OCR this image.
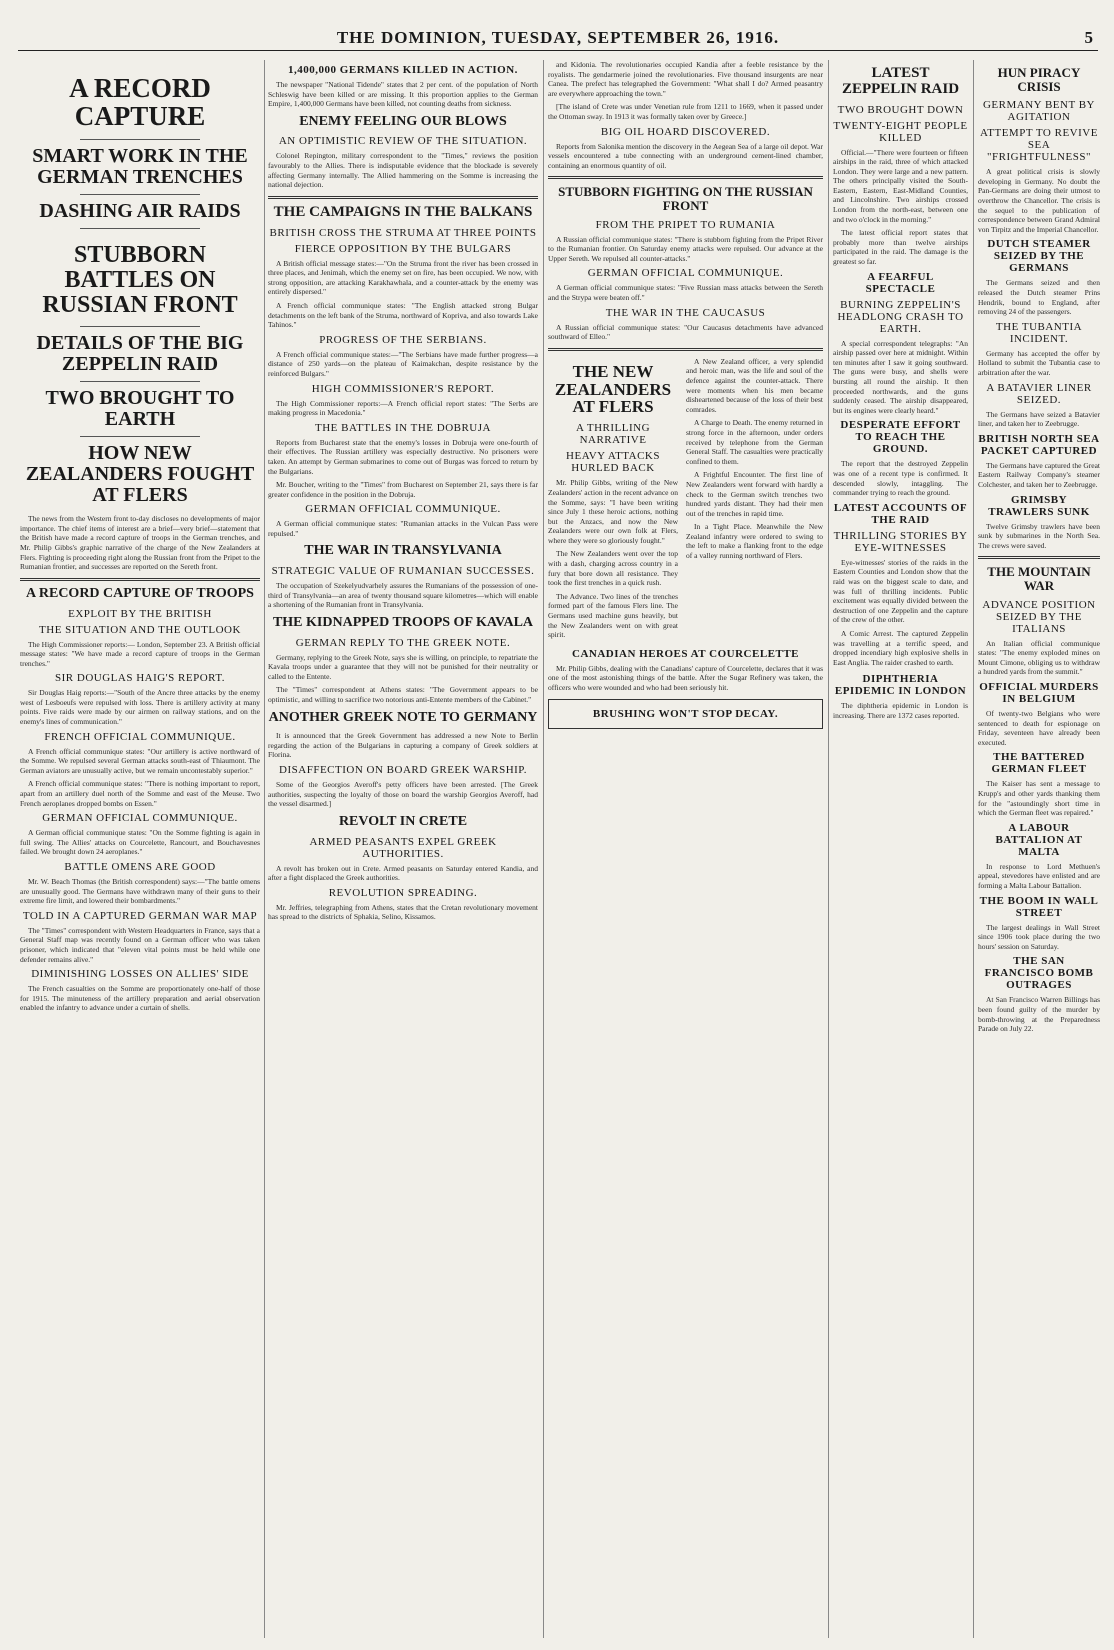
THE DOMINION, TUESDAY, SEPTEMBER 26, 1916.	5
A RECORD CAPTURE
SMART WORK IN THE GERMAN TRENCHES
DASHING AIR RAIDS
STUBBORN BATTLES ON RUSSIAN FRONT
DETAILS OF THE BIG ZEPPELIN RAID
TWO BROUGHT TO EARTH
HOW NEW ZEALANDERS FOUGHT AT FLERS

The news from the Western front to-day discloses no developments of major importance. The chief items of interest are a brief—very brief—statement that the British have made a record capture of troops in the German trenches, and Mr. Philip Gibbs's graphic narrative of the charge of the New Zealanders at Flers. Fighting is proceeding right along the Russian front from the Pripet to the Rumanian frontier, and successes are reported on the Sereth front.

A RECORD CAPTURE OF TROOPS
EXPLOIT BY THE BRITISH
THE SITUATION AND THE OUTLOOK

The High Commissioner reports:— London, September 23. A British official message states: "We have made a record capture of troops in the German trenches."

SIR DOUGLAS HAIG'S REPORT.

Sir Douglas Haig reports:—"South of the Ancre three attacks by the enemy west of Lesboeufs were repulsed with loss. There is artillery activity at many points. Five raids were made by our airmen on railway stations, and on the enemy's lines of communication."

FRENCH OFFICIAL COMMUNIQUE.

A French official communique states: "Our artillery is active northward of the Somme. We repulsed several German attacks south-east of Thiaumont. The German aviators are unusually active, but we remain uncontestably superior."

A French official communique states: "There is nothing important to report, apart from an artillery duel north of the Somme and east of the Meuse. Two French aeroplanes dropped bombs on Essen."

GERMAN OFFICIAL COMMUNIQUE.

A German official communique states: "On the Somme fighting is again in full swing. The Allies' attacks on Courcelette, Rancourt, and Bouchavesnes failed. We brought down 24 aeroplanes."

BATTLE OMENS ARE GOOD

Mr. W. Beach Thomas (the British correspondent) says:—"The battle omens are unusually good. The Germans have withdrawn many of their guns to their extreme fire limit, and lowered their bombardments."

TOLD IN A CAPTURED GERMAN WAR MAP

The "Times" correspondent with Western Headquarters in France, says that a General Staff map was recently found on a German officer who was taken prisoner, which indicated that "eleven vital points must be held while one defender remains alive."

DIMINISHING LOSSES ON ALLIES' SIDE

The French casualties on the Somme are proportionately one-half of those for 1915. The minuteness of the artillery preparation and aerial observation enabled the infantry to advance under a curtain of shells.

1,400,000 GERMANS KILLED IN ACTION.

The newspaper "National Tidende" states that 2 per cent. of the population of North Schleswig have been killed or are missing. It this proportion applies to the German Empire, 1,400,000 Germans have been killed, not counting deaths from sickness.

ENEMY FEELING OUR BLOWS
AN OPTIMISTIC REVIEW OF THE SITUATION.

Colonel Repington, military correspondent to the "Times," reviews the position favourably to the Allies. There is indisputable evidence that the blockade is severely affecting Germany internally. The Allied hammering on the Somme is increasing the national dejection.

THE CAMPAIGNS IN THE BALKANS
BRITISH CROSS THE STRUMA AT THREE POINTS
FIERCE OPPOSITION BY THE BULGARS

A British official message states:—"On the Struma front the river has been crossed in three places, and Jenimah, which the enemy set on fire, has been occupied. We now, with strong opposition, are attacking Karakhawhala, and a counter-attack by the enemy was entirely dispersed."

A French official communique states: "The English attacked strong Bulgar detachments on the left bank of the Struma, northward of Kopriva, and also towards Lake Tahinos."

PROGRESS OF THE SERBIANS.

A French official communique states:—"The Serbians have made further progress—a distance of 250 yards—on the plateau of Kaimakchan, despite resistance by the reinforced Bulgars."

HIGH COMMISSIONER'S REPORT.

The High Commissioner reports:—A French official report states: "The Serbs are making progress in Macedonia."

THE BATTLES IN THE DOBRUJA

Reports from Bucharest state that the enemy's losses in Dobruja were one-fourth of their effectives. The Russian artillery was especially destructive. No prisoners were taken. An attempt by German submarines to come out of Burgas was forced to return by the Bulgarians.

Mr. Boucher, writing to the "Times" from Bucharest on September 21, says there is far greater confidence in the position in the Dobruja.

GERMAN OFFICIAL COMMUNIQUE.

A German official communique states: "Rumanian attacks in the Vulcan Pass were repulsed."

THE WAR IN TRANSYLVANIA
STRATEGIC VALUE OF RUMANIAN SUCCESSES.

The occupation of Szekelyudvarhely assures the Rumanians of the possession of one-third of Transylvania—an area of twenty thousand square kilometres—which will enable a shortening of the Rumanian front in Transylvania.

THE KIDNAPPED TROOPS OF KAVALA
GERMAN REPLY TO THE GREEK NOTE.

Germany, replying to the Greek Note, says she is willing, on principle, to repatriate the Kavala troops under a guarantee that they will not be punished for their neutrality or called to the Entente.

The "Times" correspondent at Athens states: "The Government appears to be optimistic, and willing to sacrifice two notorious anti-Entente members of the Cabinet."

ANOTHER GREEK NOTE TO GERMANY

It is announced that the Greek Government has addressed a new Note to Berlin regarding the action of the Bulgarians in capturing a company of Greek soldiers at Florina.

DISAFFECTION ON BOARD GREEK WARSHIP.

Some of the Georgios Averoff's petty officers have been arrested. [The Greek authorities, suspecting the loyalty of those on board the warship Georgios Averoff, had the vessel disarmed.]

REVOLT IN CRETE
ARMED PEASANTS EXPEL GREEK AUTHORITIES.

A revolt has broken out in Crete. Armed peasants on Saturday entered Kandia, and after a fight displaced the Greek authorities.

REVOLUTION SPREADING.

Mr. Jeffries, telegraphing from Athens, states that the Cretan revolutionary movement has spread to the districts of Sphakia, Selino, Kissamos.

and Kidonia. The revolutionaries occupied Kandia after a feeble resistance by the royalists. The gendarmerie joined the revolutionaries. Five thousand insurgents are near Canea. The prefect has telegraphed the Government: "What shall I do? Armed peasantry are everywhere approaching the town."

[The island of Crete was under Venetian rule from 1211 to 1669, when it passed under the Ottoman sway. In 1913 it was formally taken over by Greece.]

BIG OIL HOARD DISCOVERED.

Reports from Salonika mention the discovery in the Aegean Sea of a large oil depot. War vessels encountered a tube connecting with an underground cement-lined chamber, containing an enormous quantity of oil.

STUBBORN FIGHTING ON THE RUSSIAN FRONT
FROM THE PRIPET TO RUMANIA

A Russian official communique states: "There is stubborn fighting from the Pripet River to the Rumanian frontier. On Saturday enemy attacks were repulsed. Our advance at the Upper Sereth. We repulsed all counter-attacks."

GERMAN OFFICIAL COMMUNIQUE.

A German official communique states: "Five Russian mass attacks between the Sereth and the Strypa were beaten off."

THE WAR IN THE CAUCASUS

A Russian official communique states: "Our Caucasus detachments have advanced southward of Elleo."

THE NEW ZEALANDERS AT FLERS
A THRILLING NARRATIVE
HEAVY ATTACKS HURLED BACK

Mr. Philip Gibbs, writing of the New Zealanders' action in the recent advance on the Somme, says: "I have been writing since July 1 these heroic actions, nothing but the Anzacs, and now the New Zealanders were our own folk at Flers, where they were so gloriously fought."

The New Zealanders went over the top with a dash, charging across country in a fury that bore down all resistance. They took the first trenches in a quick rush.

The Advance. Two lines of the trenches formed part of the famous Flers line. The Germans used machine guns heavily, but the New Zealanders went on with great spirit.

A New Zealand officer, a very splendid and heroic man, was the life and soul of the defence against the counter-attack. There were moments when his men became disheartened because of the loss of their best comrades.

A Charge to Death. The enemy returned in strong force in the afternoon, under orders received by telephone from the German General Staff. The casualties were practically confined to them.

A Frightful Encounter. The first line of New Zealanders went forward with hardly a check to the German switch trenches two hundred yards distant. They had their men out of the trenches in rapid time.

In a Tight Place. Meanwhile the New Zealand infantry were ordered to swing to the left to make a flanking front to the edge of a valley running northward of Flers.

CANADIAN HEROES AT COURCELETTE

Mr. Philip Gibbs, dealing with the Canadians' capture of Courcelette, declares that it was one of the most astonishing things of the battle. After the Sugar Refinery was taken, the officers who were wounded and who had been seriously hit.

BRUSHING WON'T STOP DECAY.
LATEST ZEPPELIN RAID
TWO BROUGHT DOWN
TWENTY-EIGHT PEOPLE KILLED

Official.—"There were fourteen or fifteen airships in the raid, three of which attacked London. They were large and a new pattern. The others principally visited the South-Eastern, Eastern, East-Midland Counties, and Lincolnshire. Two airships crossed London from the north-east, between one and two o'clock in the morning."

The latest official report states that probably more than twelve airships participated in the raid. The damage is the greatest so far.

A FEARFUL SPECTACLE
BURNING ZEPPELIN'S HEADLONG CRASH TO EARTH.

A special correspondent telegraphs: "An airship passed over here at midnight. Within ten minutes after I saw it going southward. The guns were busy, and shells were bursting all round the airship. It then proceeded northwards, and the guns suddenly ceased. The airship disappeared, but its engines were clearly heard."

DESPERATE EFFORT TO REACH THE GROUND.

The report that the destroyed Zeppelin was one of a recent type is confirmed. It descended slowly, intaggling. The commander trying to reach the ground.

LATEST ACCOUNTS OF THE RAID
THRILLING STORIES BY EYE-WITNESSES

Eye-witnesses' stories of the raids in the Eastern Counties and London show that the raid was on the biggest scale to date, and was full of thrilling incidents. Public excitement was equally divided between the destruction of one Zeppelin and the capture of the crew of the other.

A Comic Arrest. The captured Zeppelin was travelling at a terrific speed, and dropped incendiary high explosive shells in East Anglia. The raider crashed to earth.

DIPHTHERIA EPIDEMIC IN LONDON

The diphtheria epidemic in London is increasing. There are 1372 cases reported.

HUN PIRACY CRISIS
GERMANY BENT BY AGITATION
ATTEMPT TO REVIVE SEA "FRIGHTFULNESS"

A great political crisis is slowly developing in Germany. No doubt the Pan-Germans are doing their utmost to overthrow the Chancellor. The crisis is the sequel to the publication of correspondence between Grand Admiral von Tirpitz and the Imperial Chancellor.

DUTCH STEAMER SEIZED BY THE GERMANS

The Germans seized and then released the Dutch steamer Prins Hendrik, bound to England, after removing 24 of the passengers.

THE TUBANTIA INCIDENT.

Germany has accepted the offer by Holland to submit the Tubantia case to arbitration after the war.

A BATAVIER LINER SEIZED.

The Germans have seized a Batavier liner, and taken her to Zeebrugge.

BRITISH NORTH SEA PACKET CAPTURED

The Germans have captured the Great Eastern Railway Company's steamer Colchester, and taken her to Zeebrugge.

GRIMSBY TRAWLERS SUNK

Twelve Grimsby trawlers have been sunk by submarines in the North Sea. The crews were saved.

THE MOUNTAIN WAR
ADVANCE POSITION SEIZED BY THE ITALIANS

An Italian official communique states: "The enemy exploded mines on Mount Cimone, obliging us to withdraw a hundred yards from the summit."

OFFICIAL MURDERS IN BELGIUM

Of twenty-two Belgians who were sentenced to death for espionage on Friday, seventeen have already been executed.

THE BATTERED GERMAN FLEET

The Kaiser has sent a message to Krupp's and other yards thanking them for the "astoundingly short time in which the German fleet was repaired."

A LABOUR BATTALION AT MALTA

In response to Lord Methuen's appeal, stevedores have enlisted and are forming a Malta Labour Battalion.

THE BOOM IN WALL STREET

The largest dealings in Wall Street since 1906 took place during the two hours' session on Saturday.

THE SAN FRANCISCO BOMB OUTRAGES

At San Francisco Warren Billings has been found guilty of the murder by bomb-throwing at the Preparedness Parade on July 22.
